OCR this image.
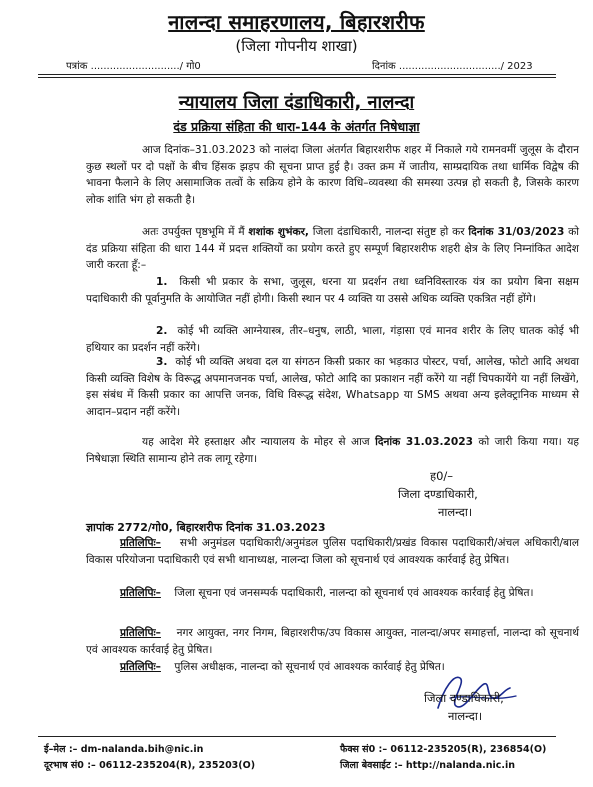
नालन्दा समाहरणालय, बिहारशरीफ
(जिला गोपनीय शाखा)
पत्रांक ............................/ गो0	दिनांक ................................/ 2023
न्यायालय जिला दंडाधिकारी, नालन्दा
दंड प्रक्रिया संहिता की धारा-144 के अंतर्गत निषेधाज्ञा
आज दिनांक–31.03.2023 को नालंदा जिला अंतर्गत बिहारशरीफ शहर में निकाले गये रामनवमीं जुलूस के दौरान कुछ स्थलों पर दो पक्षों के बीच हिंसक झड़प की सूचना प्राप्त हुई है। उक्त क्रम में जातीय, साम्प्रदायिक तथा धार्मिक विद्वेष की भावना फैलाने के लिए असामाजिक तत्वों के सक्रिय होने के कारण विधि–व्यवस्था की समस्या उत्पन्न हो सकती है, जिसके कारण लोक शांति भंग हो सकती है।
अतः उपर्युक्त पृष्ठभूमि में मैं शशांक शुभंकर, जिला दंडाधिकारी, नालन्दा संतुष्ट हो कर दिनांक 31/03/2023 को दंड प्रक्रिया संहिता की धारा 144 में प्रदत्त शक्तियों का प्रयोग करते हुए सम्पूर्ण बिहारशरीफ शहरी क्षेत्र के लिए निम्नांकित आदेश जारी करता हूँ:–
1. किसी भी प्रकार के सभा, जुलूस, धरना या प्रदर्शन तथा ध्वनिविस्तारक यंत्र का प्रयोग बिना सक्षम पदाधिकारी की पूर्वानुमति के आयोजित नहीं होगी। किसी स्थान पर 4 व्यक्ति या उससे अधिक व्यक्ति एकत्रित नहीं होंगे।
2. कोई भी व्यक्ति आग्नेयास्त्र, तीर–धनुष, लाठी, भाला, गंड़ासा एवं मानव शरीर के लिए घातक कोई भी हथियार का प्रदर्शन नहीं करेंगे।
3. कोई भी व्यक्ति अथवा दल या संगठन किसी प्रकार का भड़काउ पोस्टर, पर्चा, आलेख, फोटो आदि अथवा किसी व्यक्ति विशेष के विरूद्ध अपमानजनक पर्चा, आलेख, फोटो आदि का प्रकाशन नहीं करेंगे या नहीं चिपकायेंगे या नहीं लिखेंगे, इस संबंध में किसी प्रकार का आपत्ति जनक, विधि विरूद्ध संदेश, Whatsapp या SMS अथवा अन्य इलेक्ट्रानिक माध्यम से आदान–प्रदान नहीं करेंगे।
यह आदेश मेरे हस्ताक्षर और न्यायालय के मोहर से आज दिनांक 31.03.2023 को जारी किया गया। यह निषेधाज्ञा स्थिति सामान्य होने तक लागू रहेगा।
ह0/–
जिला दण्डाधिकारी,
नालन्दा।
ज्ञापांक 2772/गो0, बिहारशरीफ दिनांक 31.03.2023
प्रतिलिपिः– सभी अनुमंडल पदाधिकारी/अनुमंडल पुलिस पदाधिकारी/प्रखंड विकास पदाधिकारी/अंचल अधिकारी/बाल विकास परियोजना पदाधिकारी एवं सभी थानाध्यक्ष, नालन्दा जिला को सूचनार्थ एवं आवश्यक कार्रवाई हेतु प्रेषित।
प्रतिलिपिः– जिला सूचना एवं जनसम्पर्क पदाधिकारी, नालन्दा को सूचनार्थ एवं आवश्यक कार्रवाई हेतु प्रेषित।
प्रतिलिपिः– नगर आयुक्त, नगर निगम, बिहारशरीफ/उप विकास आयुक्त, नालन्दा/अपर समाहर्त्ता, नालन्दा को सूचनार्थ एवं आवश्यक कार्रवाई हेतु प्रेषित।
प्रतिलिपिः– पुलिस अधीक्षक, नालन्दा को सूचनार्थ एवं आवश्यक कार्रवाई हेतु प्रेषित।
जिला दण्डाधिकारी,
नालन्दा।
ई–मेल :– dm-nalanda.bih@nic.in	फैक्स सं0 :– 06112-235205(R), 236854(O)
दूरभाष सं0 :– 06112-235204(R), 235203(O)	जिला बेवसाईट :– http://nalanda.nic.in
